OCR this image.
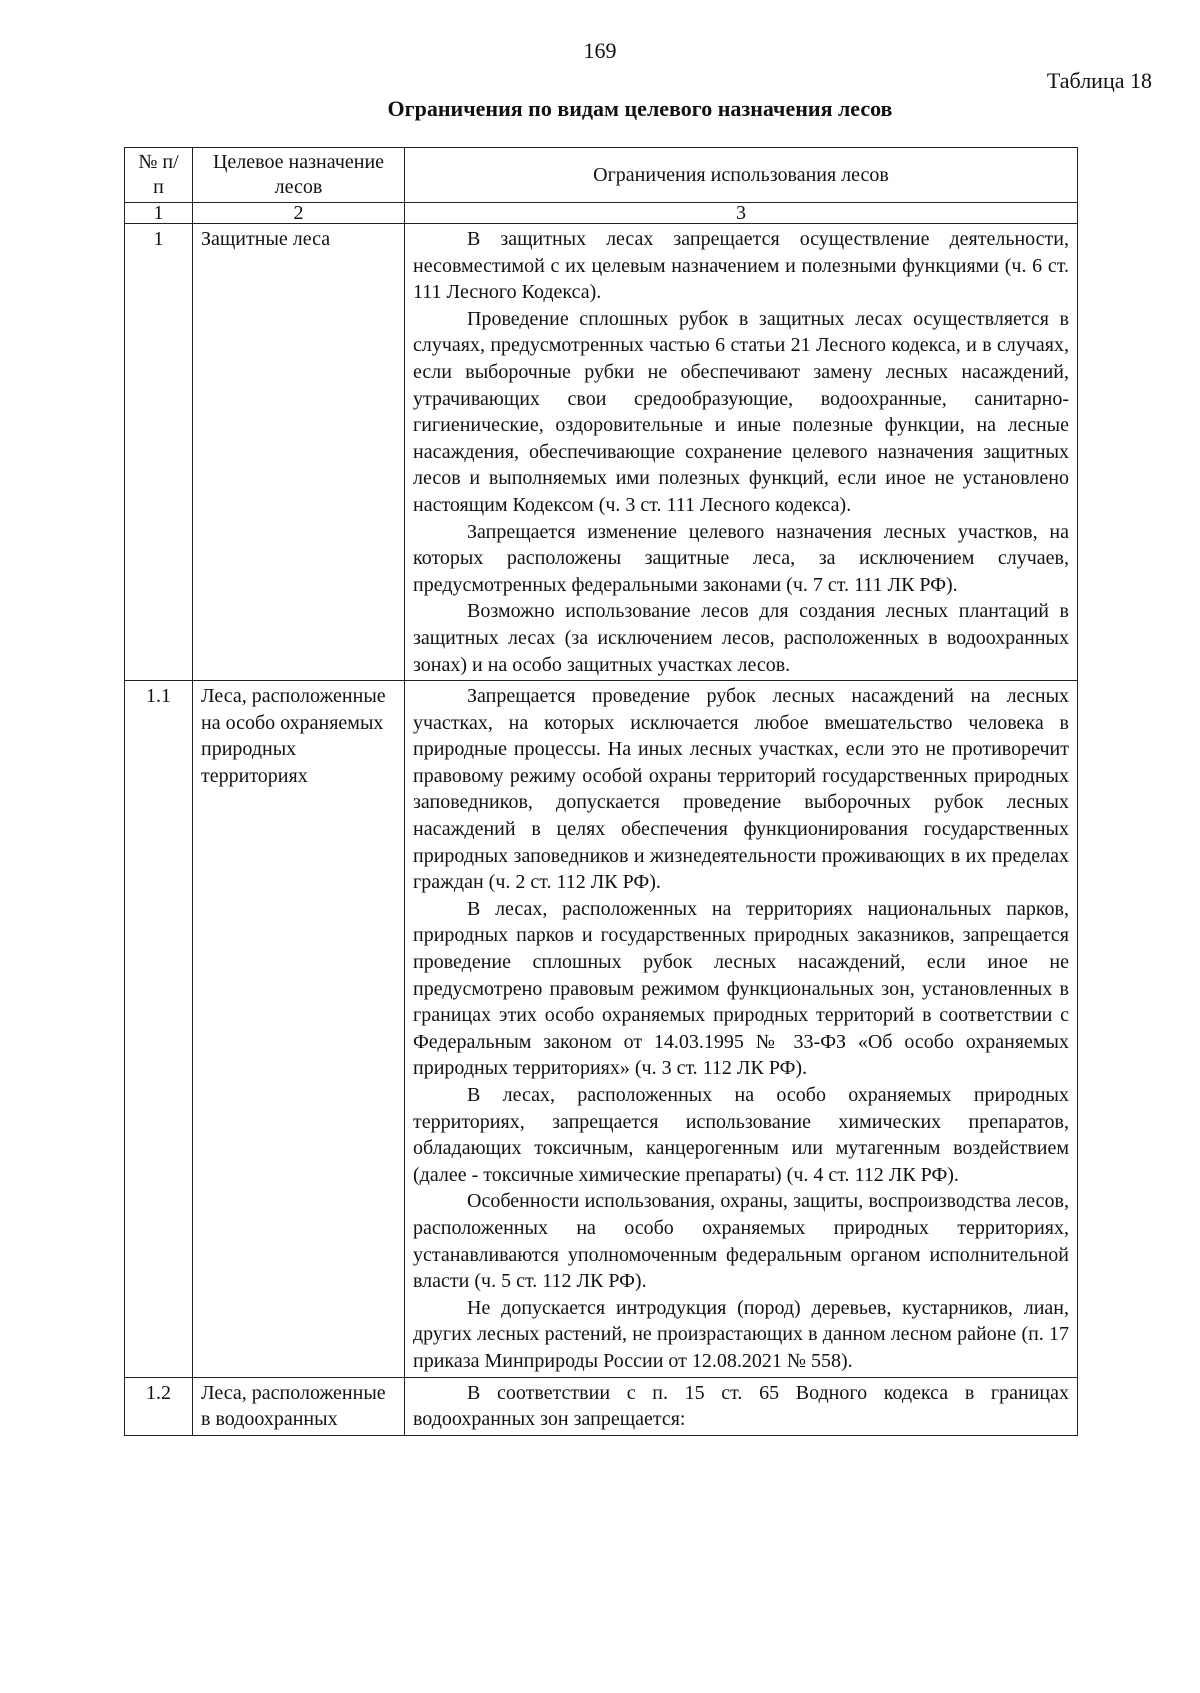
169
Таблица 18
Ограничения по видам целевого назначения лесов
№ п/п	Целевое назначение лесов	Ограничения использования лесов
1	2	3
1	Защитные леса	В защитных лесах запрещается осуществление деятельности, несовместимой с их целевым назначением и полезными функциями (ч. 6 ст. 111 Лесного Кодекса).

Проведение сплошных рубок в защитных лесах осуществляется в случаях, предусмотренных частью 6 статьи 21 Лесного кодекса, и в случаях, если выборочные рубки не обеспечивают замену лесных насаждений, утрачивающих свои средообразующие, водоохранные, санитарно-гигиенические, оздоровительные и иные полезные функции, на лесные насаждения, обеспечивающие сохранение целевого назначения защитных лесов и выполняемых ими полезных функций, если иное не установлено настоящим Кодексом (ч. 3 ст. 111 Лесного кодекса).

Запрещается изменение целевого назначения лесных участков, на которых расположены защитные леса, за исключением случаев, предусмотренных федеральными законами (ч. 7 ст. 111 ЛК РФ).

Возможно использование лесов для создания лесных плантаций в защитных лесах (за исключением лесов, расположенных в водоохранных зонах) и на особо защитных участках лесов.

1.1	Леса, расположенные на особо охраняемых природных территориях	Запрещается проведение рубок лесных насаждений на лесных участках, на которых исключается любое вмешательство человека в природные процессы. На иных лесных участках, если это не противоречит правовому режиму особой охраны территорий государственных природных заповедников, допускается проведение выборочных рубок лесных насаждений в целях обеспечения функционирования государственных природных заповедников и жизнедеятельности проживающих в их пределах граждан (ч. 2 ст. 112 ЛК РФ).

В лесах, расположенных на территориях национальных парков, природных парков и государственных природных заказников, запрещается проведение сплошных рубок лесных насаждений, если иное не предусмотрено правовым режимом функциональных зон, установленных в границах этих особо охраняемых природных территорий в соответствии с Федеральным законом от 14.03.1995 № 33-ФЗ «Об особо охраняемых природных территориях» (ч. 3 ст. 112 ЛК РФ).

В лесах, расположенных на особо охраняемых природных территориях, запрещается использование химических препаратов, обладающих токсичным, канцерогенным или мутагенным воздействием (далее - токсичные химические препараты) (ч. 4 ст. 112 ЛК РФ).

Особенности использования, охраны, защиты, воспроизводства лесов, расположенных на особо охраняемых природных территориях, устанавливаются уполномоченным федеральным органом исполнительной власти (ч. 5 ст. 112 ЛК РФ).

Не допускается интродукция (пород) деревьев, кустарников, лиан, других лесных растений, не произрастающих в данном лесном районе (п. 17 приказа Минприроды России от 12.08.2021 № 558).

1.2	Леса, расположенные в водоохранных	В соответствии с п. 15 ст. 65 Водного кодекса в границах водоохранных зон запрещается:
